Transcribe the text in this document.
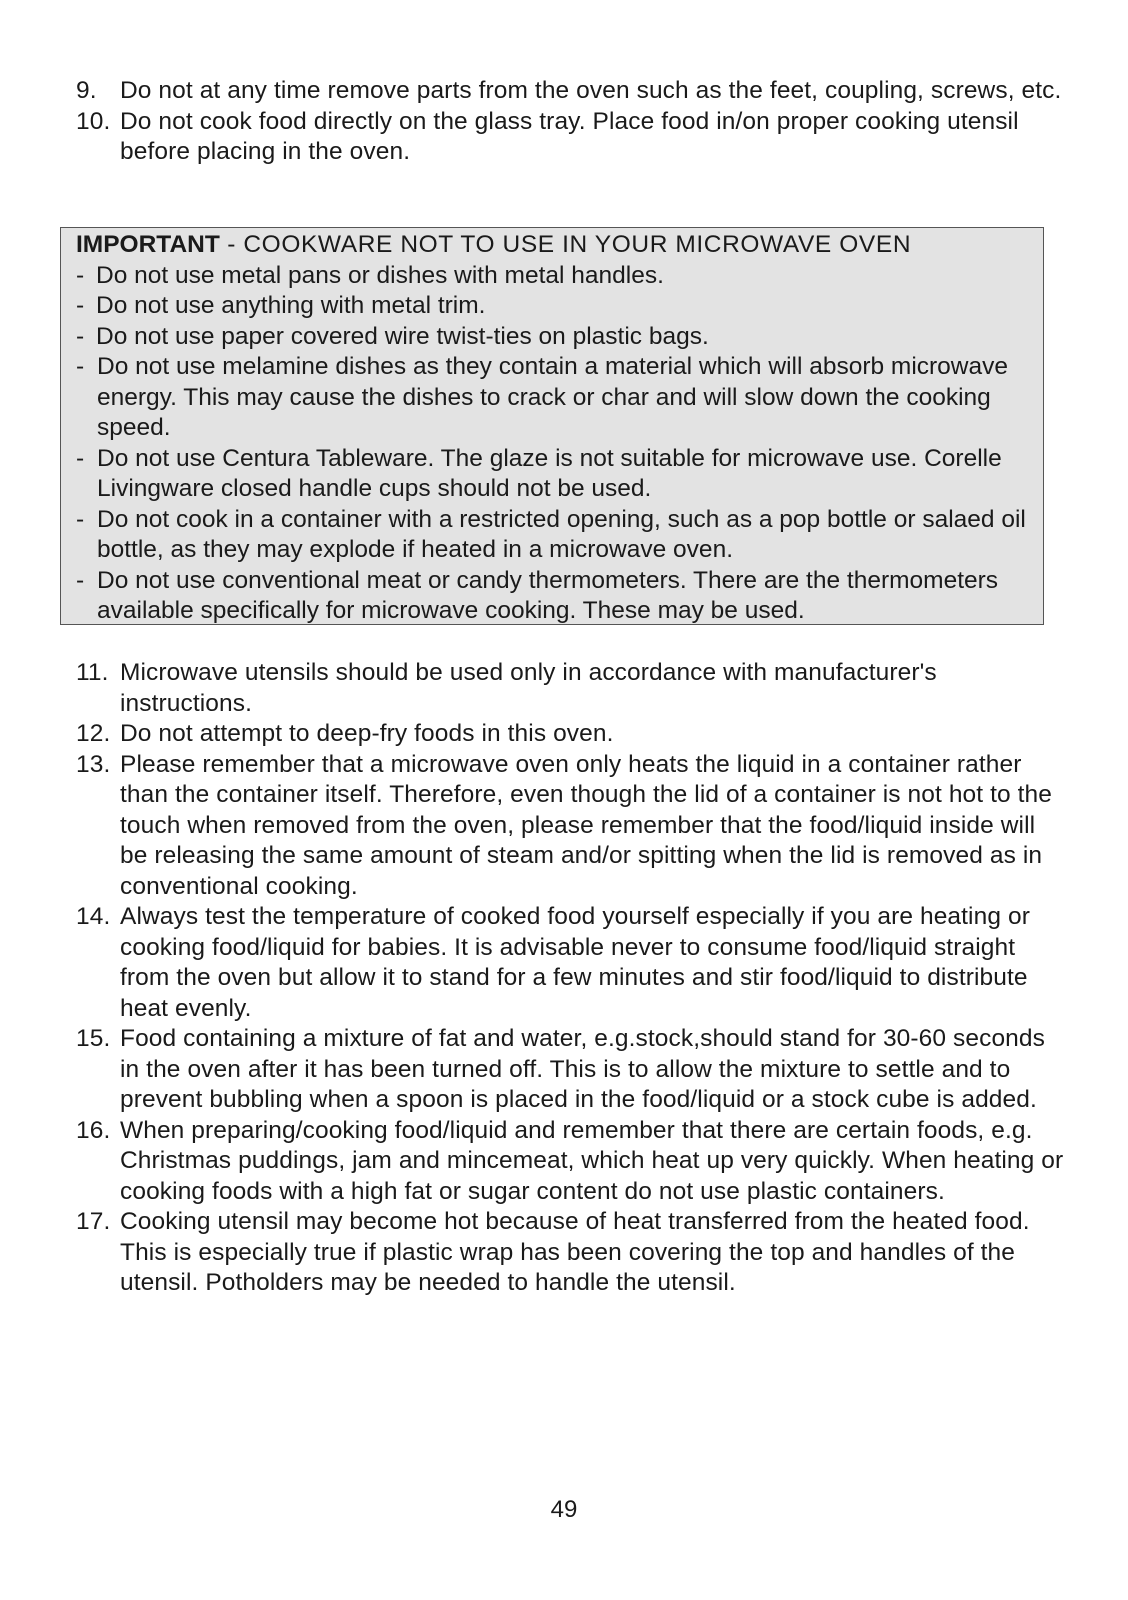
9. Do not at any time remove parts from the oven such as the feet, coupling, screws, etc.
10. Do not cook food directly on the glass tray. Place food in/on proper cooking utensil before placing in the oven.
IMPORTANT - COOKWARE NOT TO USE IN YOUR MICROWAVE OVEN
- Do not use metal pans or dishes with metal handles.
- Do not use anything with metal trim.
- Do not use paper covered wire twist-ties on plastic bags.
- Do not use melamine dishes as they contain a material which will absorb microwave energy. This may cause the dishes to crack or char and will slow down the cooking speed.
- Do not use Centura Tableware. The glaze is not suitable for microwave use. Corelle Livingware closed handle cups should not be used.
- Do not cook in a container with a restricted opening, such as a pop bottle or salaed oil bottle, as they may explode if heated in a microwave oven.
- Do not use conventional meat or candy thermometers. There are the thermometers available specifically for microwave cooking. These may be used.
11. Microwave utensils should be used only in accordance with manufacturer's instructions.
12. Do not attempt to deep-fry foods in this oven.
13. Please remember that a microwave oven only heats the liquid in a container rather than the container itself. Therefore, even though the lid of a container is not hot to the touch when removed from the oven, please remember that the food/liquid inside will be releasing the same amount of steam and/or spitting when the lid is removed as in conventional cooking.
14. Always test the temperature of cooked food yourself especially if you are heating or cooking food/liquid for babies. It is advisable never to consume food/liquid straight from the oven but allow it to stand for a few minutes and stir food/liquid to distribute heat evenly.
15. Food containing a mixture of fat and water, e.g.stock,should stand for 30-60 seconds in the oven after it has been turned off. This is to allow the mixture to settle and to prevent bubbling when a spoon is placed in the food/liquid or a stock cube is added.
16. When preparing/cooking food/liquid and remember that there are certain foods, e.g. Christmas puddings, jam and mincemeat, which heat up very quickly. When heating or cooking foods with a high fat or sugar content do not use plastic containers.
17. Cooking utensil may become hot because of heat transferred from the heated food. This is especially true if plastic wrap has been covering the top and handles of the utensil. Potholders may be needed to handle the utensil.
49
